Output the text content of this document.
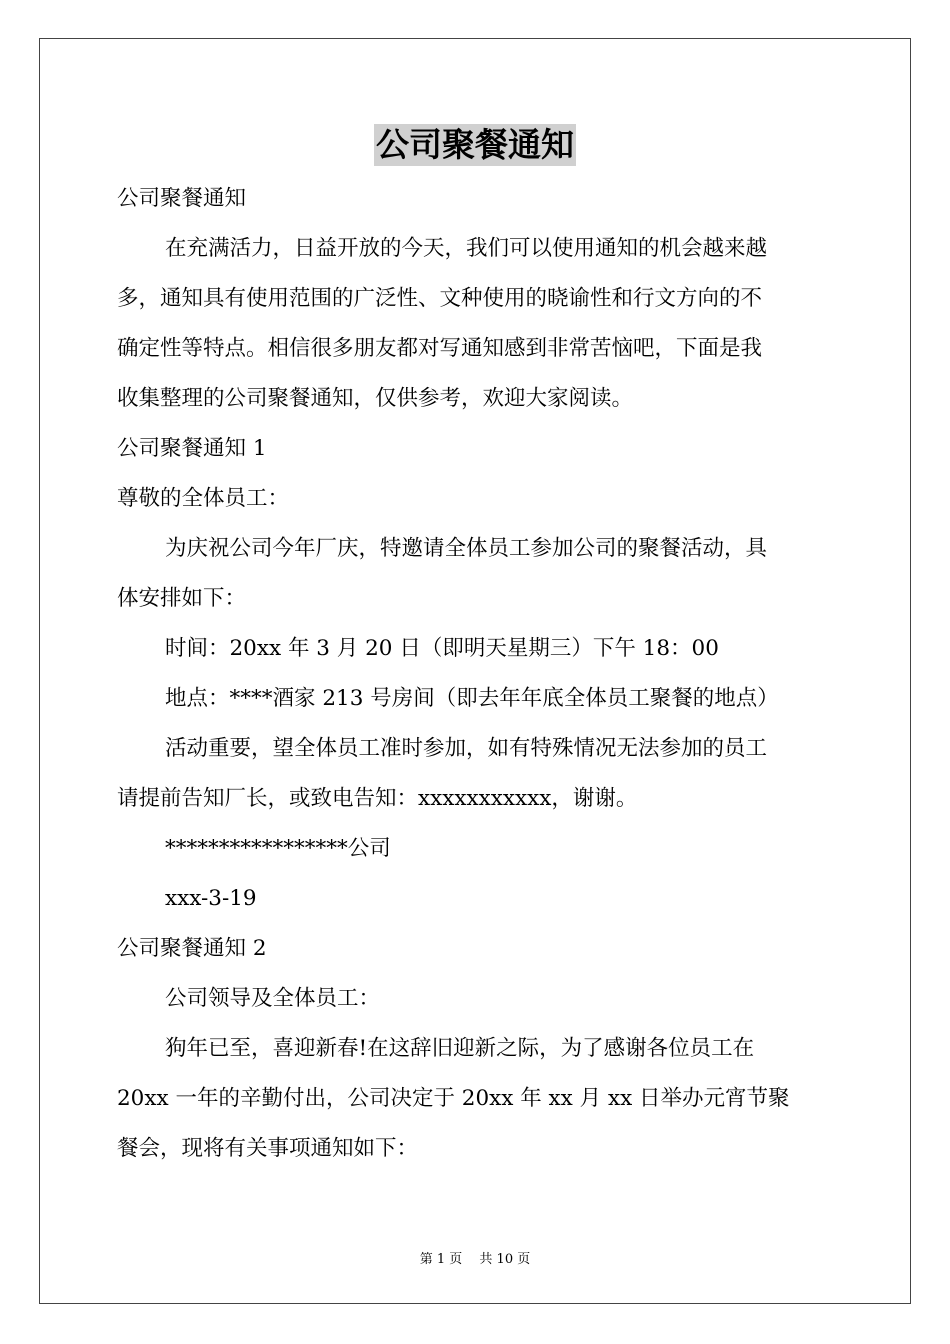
公司聚餐通知

公司聚餐通知

在充满活力，日益开放的今天，我们可以使用通知的机会越来越

多，通知具有使用范围的广泛性、文种使用的晓谕性和行文方向的不

确定性等特点。相信很多朋友都对写通知感到非常苦恼吧，下面是我

收集整理的公司聚餐通知，仅供参考，欢迎大家阅读。

公司聚餐通知 1

尊敬的全体员工：

为庆祝公司今年厂庆，特邀请全体员工参加公司的聚餐活动，具

体安排如下：

时间：20xx 年 3 月 20 日（即明天星期三）下午 18：00

地点：****酒家 213 号房间（即去年年底全体员工聚餐的地点）

活动重要，望全体员工准时参加，如有特殊情况无法参加的员工

请提前告知厂长，或致电告知：xxxxxxxxxxx，谢谢。

*****************公司

xxx-3-19

公司聚餐通知 2

公司领导及全体员工：

狗年已至，喜迎新春!在这辞旧迎新之际，为了感谢各位员工在

20xx 一年的辛勤付出，公司决定于 20xx 年 xx 月 xx 日举办元宵节聚

餐会，现将有关事项通知如下：

第 1 页　 共 10 页
